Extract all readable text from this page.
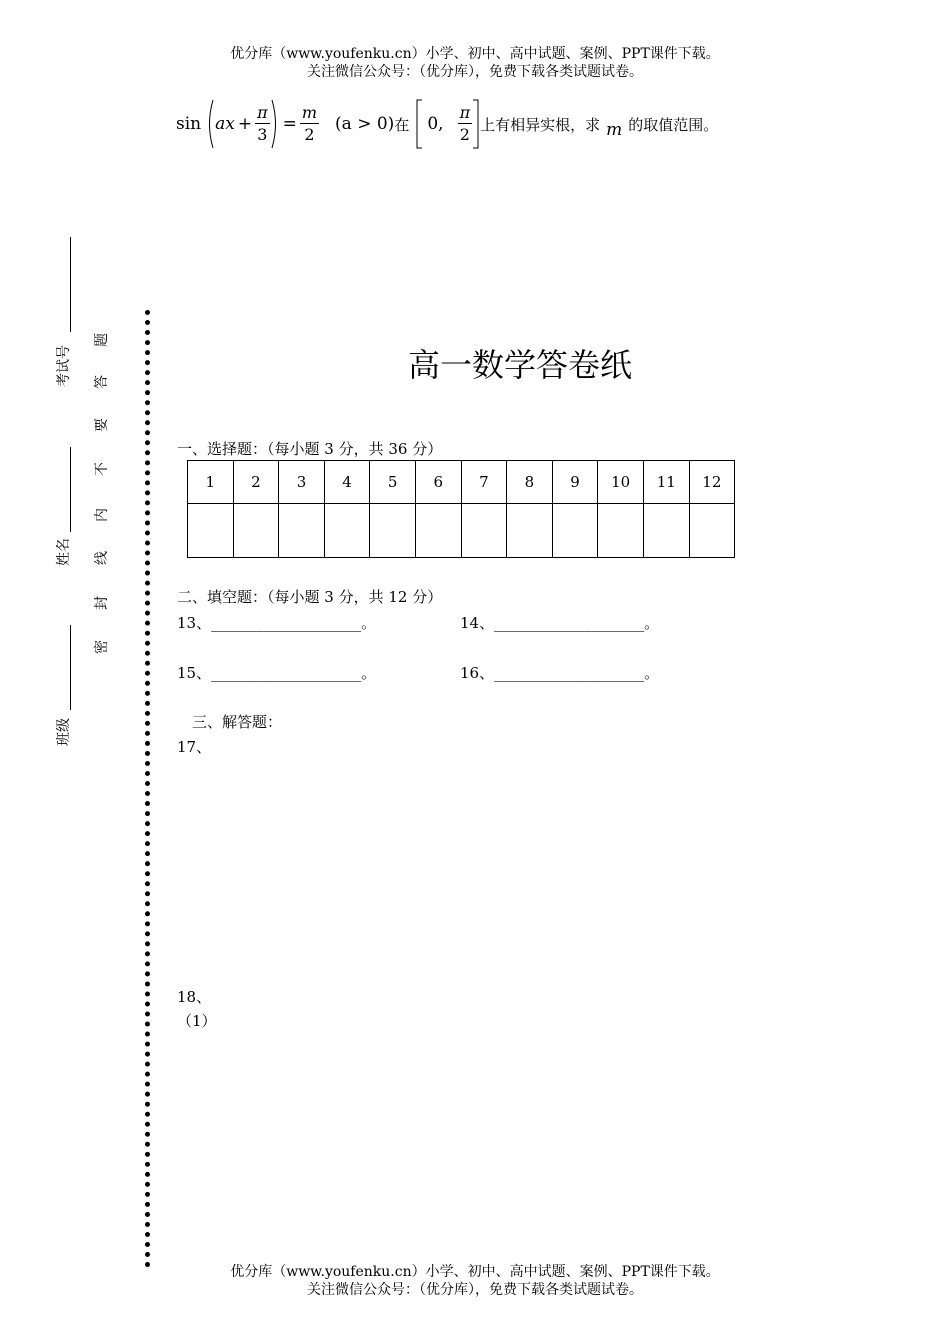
优分库（www.youfenku.cn）小学、初中、高中试题、案例、PPT课件下载。
关注微信公众号：（优分库），免费下载各类试题试卷。
sin ax + $\frac{\pi}{3} = \frac{m}{2} (a > 0)$ 在 0, $\frac{\pi}{2}$ 上有相异实根，求 m 的取值范围。
考试号
姓名
班级
题
答
要
不
内
线
封
密
高一数学答卷纸
一、选择题：（每小题 3 分，共 36 分）
1	2	3	4	5	6	7	8	9	10	11	12

二、填空题：（每小题 3 分，共 12 分）
13、____________________。	14、____________________。
15、____________________。	16、____________________。
三、解答题：
17、
18、
（1）
优分库（www.youfenku.cn）小学、初中、高中试题、案例、PPT课件下载。
关注微信公众号：（优分库），免费下载各类试题试卷。
